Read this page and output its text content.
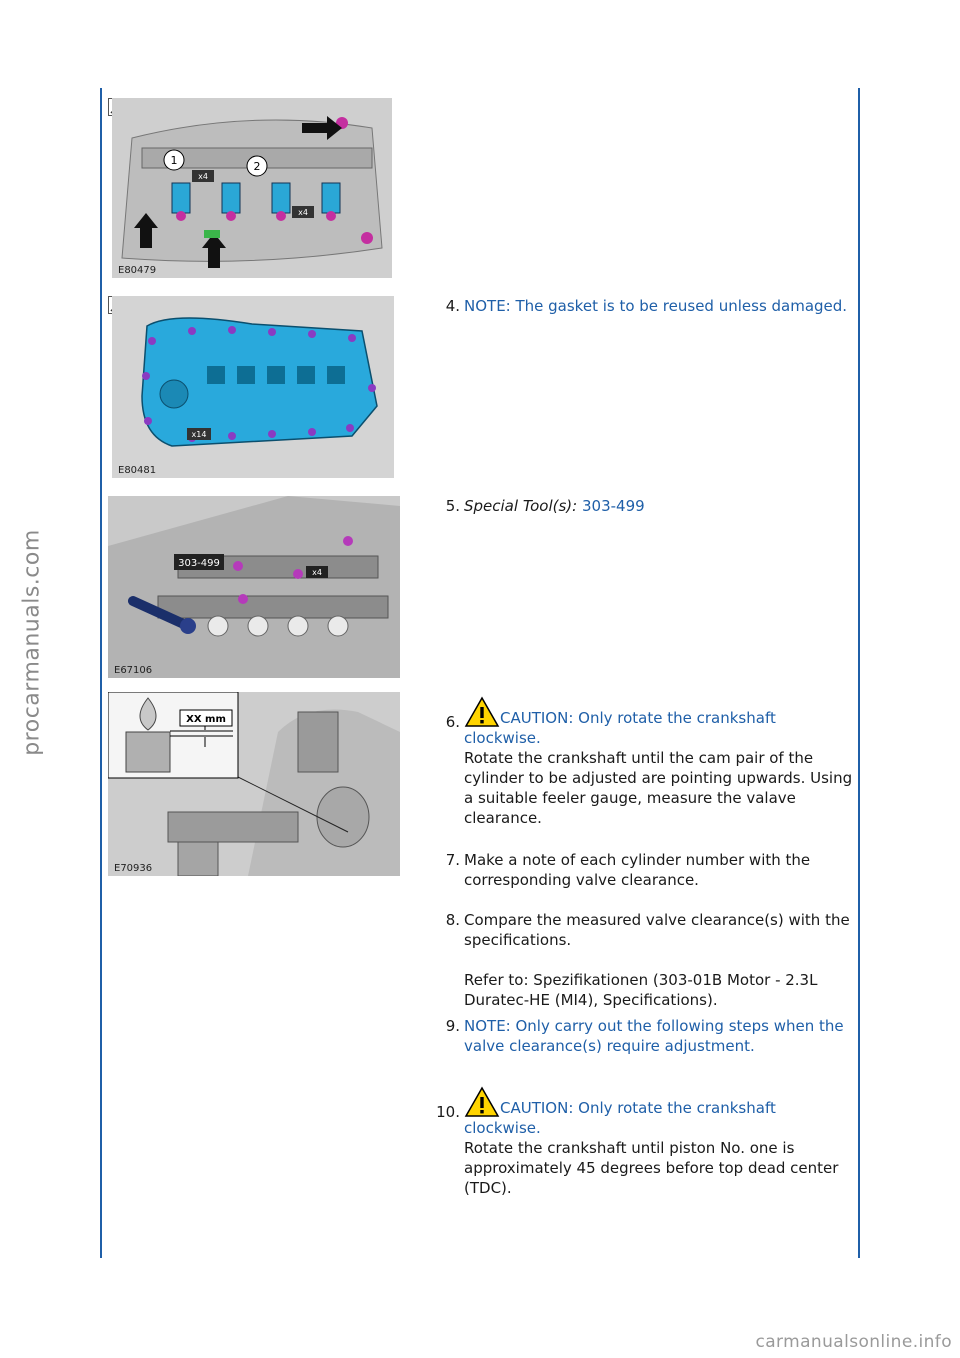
procarmanuals.com
carmanualsonline.info
1	2
x4
x4
E80479
x14
E80481
303-499
x4
E67106
XX mm
E70936
4. NOTE: The gasket is to be reused unless damaged.

5. Special Tool(s): 303-499
6.	CAUTION: Only rotate the crankshaft clockwise.

Rotate the crankshaft until the cam pair of the cylinder to be adjusted are pointing upwards. Using a suitable feeler gauge, measure the valave clearance.

7. Make a note of each cylinder number with the corresponding valve clearance.

8. Compare the measured valve clearance(s) with the specifications.

Refer to: Spezifikationen (303-01B Motor - 2.3L Duratec-HE (MI4), Specifications).

9. NOTE: Only carry out the following steps when the valve clearance(s) require adjustment.

10.	CAUTION: Only rotate the crankshaft clockwise.

Rotate the crankshaft until piston No. one is approximately 45 degrees before top dead center (TDC).
